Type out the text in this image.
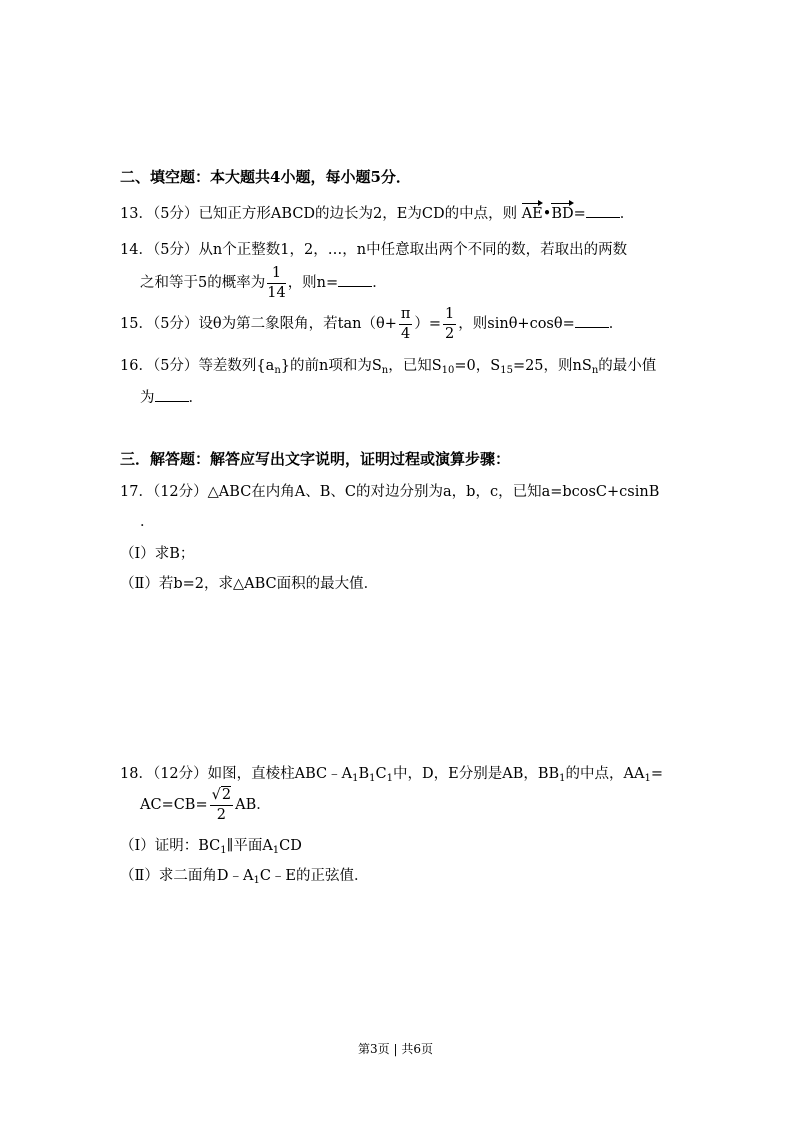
二、填空题：本大题共4小题，每小题5分．
13．（5分）已知正方形ABCD的边长为2，E为CD的中点，则 AE•BD= ．
14．（5分）从n个正整数1，2，…，n中任意取出两个不同的数，若取出的两数
之和等于5的概率为 $\frac{1}{14}$ ，则n= ．
15．（5分）设θ为第二象限角，若$\tan(\theta+ \frac{\pi}{4}$ ）= $\frac{1}{2}$ ，则sinθ+cosθ= ．
16．（5分）等差数列$\{a_n\}$的前n项和为$S_n$，已知$S_{10}=0$，$S_{15}=25$，则$nS_n$的最小值
为 ．
三．解答题：解答应写出文字说明，证明过程或演算步骤：
17．（12分）△ABC在内角A、B、C的对边分别为a，b，c，已知a=bcosC+csinB
．
（Ⅰ）求B；
（Ⅱ）若b=2，求△ABC面积的最大值．
18．（12分）如图，直棱柱$ABC﹣A_1B_1C_1$中，D，E分别是AB，$BB_1$的中点，$AA_1=$
$AC=CB= \frac{√2}{2}$ AB．
（Ⅰ）证明：$BC_1\parallel$平面$A_1CD$
（Ⅱ）求二面角$D﹣A_1C﹣E$的正弦值．
第3页 | 共6页
